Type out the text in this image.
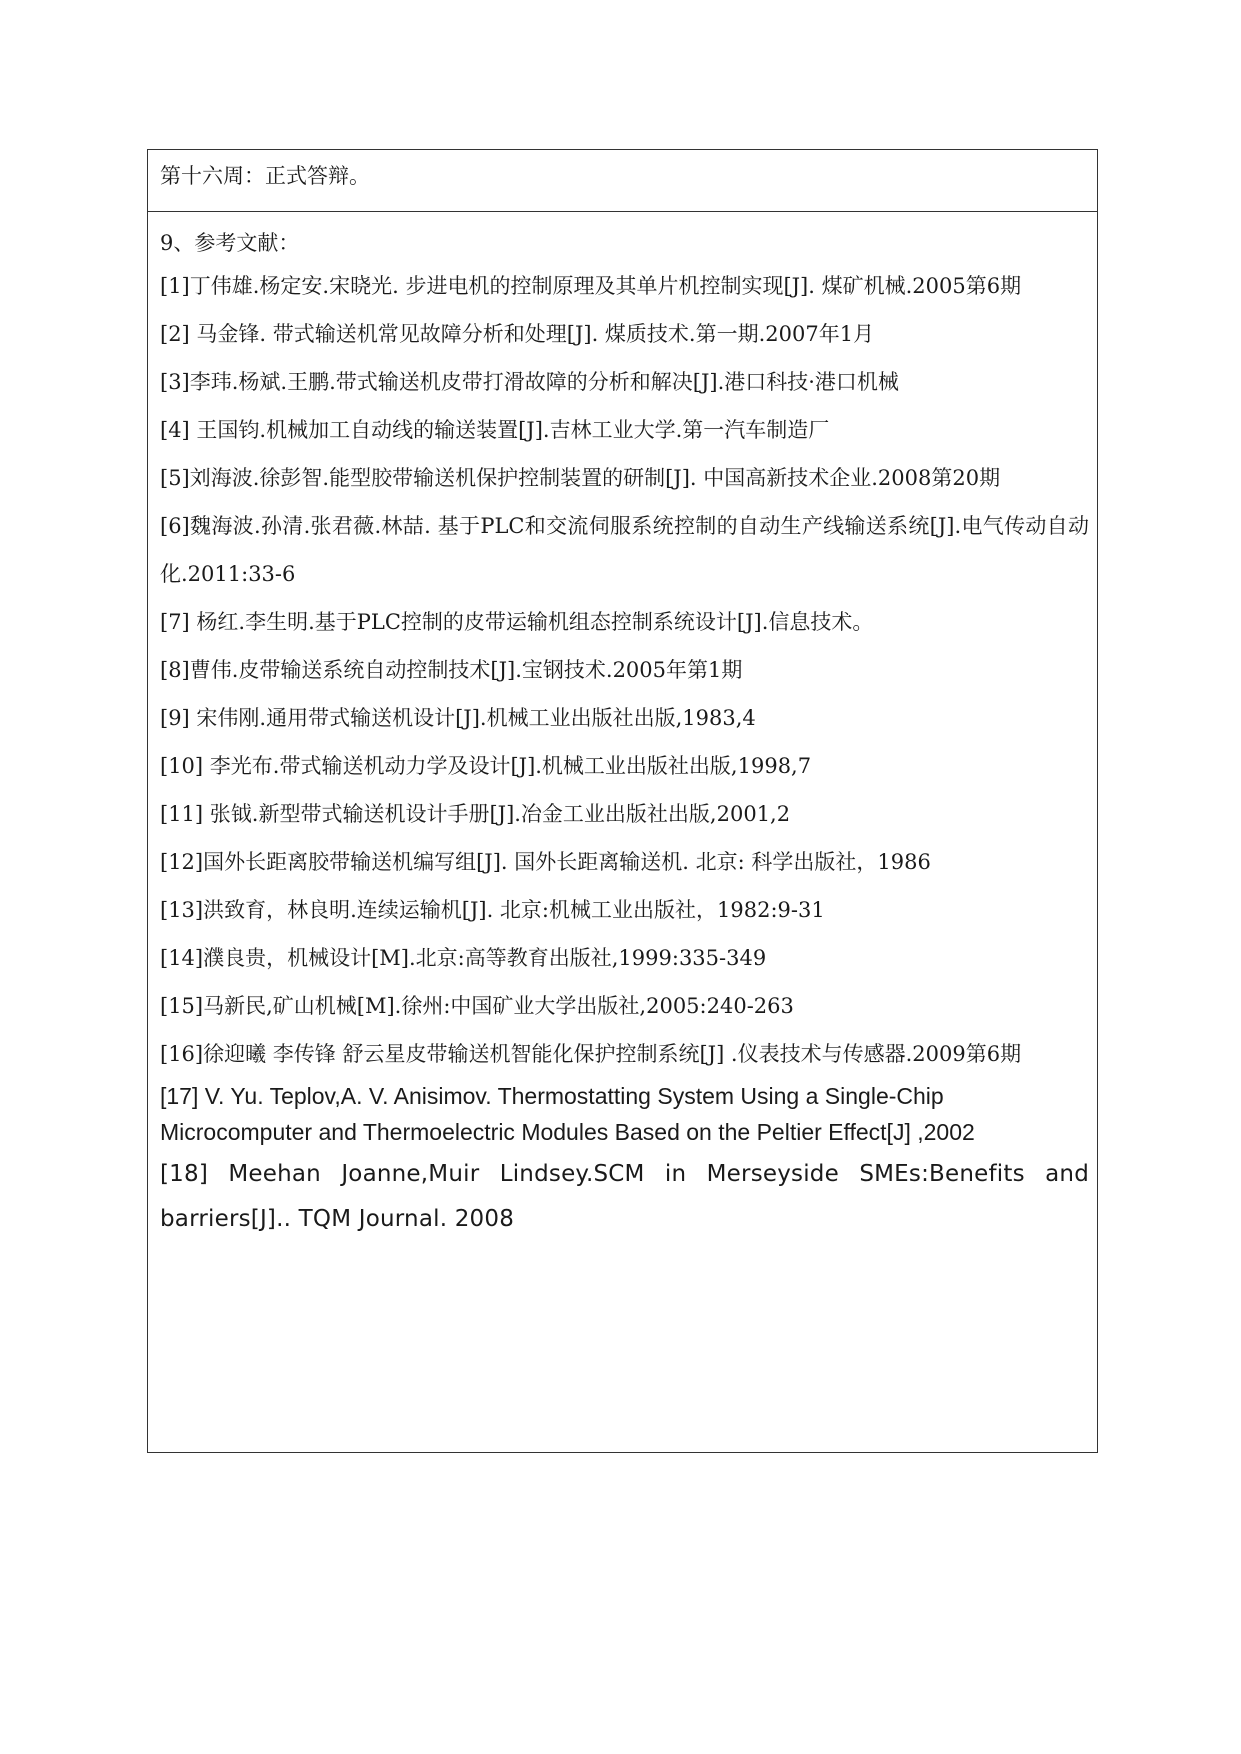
第十六周：正式答辩。
9、参考文献：
[1]丁伟雄.杨定安.宋晓光. 步进电机的控制原理及其单片机控制实现[J]. 煤矿机械.2005第6期
[2] 马金锋. 带式输送机常见故障分析和处理[J]. 煤质技术.第一期.2007年1月
[3]李玮.杨斌.王鹏.带式输送机皮带打滑故障的分析和解决[J].港口科技·港口机械
[4] 王国钧.机械加工自动线的输送装置[J].吉林工业大学.第一汽车制造厂
[5]刘海波.徐彭智.能型胶带输送机保护控制装置的研制[J]. 中国高新技术企业.2008第20期
[6]魏海波.孙清.张君薇.林喆. 基于PLC和交流伺服系统控制的自动生产线输送系统[J].电气传动自动化.2011:33-6
[7] 杨红.李生明.基于PLC控制的皮带运输机组态控制系统设计[J].信息技术。
[8]曹伟.皮带输送系统自动控制技术[J].宝钢技术.2005年第1期
[9] 宋伟刚.通用带式输送机设计[J].机械工业出版社出版,1983,4
[10] 李光布.带式输送机动力学及设计[J].机械工业出版社出版,1998,7
[11] 张钺.新型带式输送机设计手册[J].冶金工业出版社出版,2001,2
[12]国外长距离胶带输送机编写组[J]. 国外长距离输送机. 北京: 科学出版社，1986
[13]洪致育，林良明.连续运输机[J]. 北京:机械工业出版社，1982:9-31
[14]濮良贵，机械设计[M].北京:高等教育出版社,1999:335-349
[15]马新民,矿山机械[M].徐州:中国矿业大学出版社,2005:240-263
[16]徐迎曦 李传锋 舒云星皮带输送机智能化保护控制系统[J] .仪表技术与传感器.2009第6期
[17] V. Yu. Teplov,A. V. Anisimov. Thermostatting System Using a Single-Chip Microcomputer and Thermoelectric Modules Based on the Peltier Effect[J] ,2002
[18] Meehan Joanne,Muir Lindsey.SCM in Merseyside SMEs:Benefits and barriers[J].. TQM Journal. 2008
